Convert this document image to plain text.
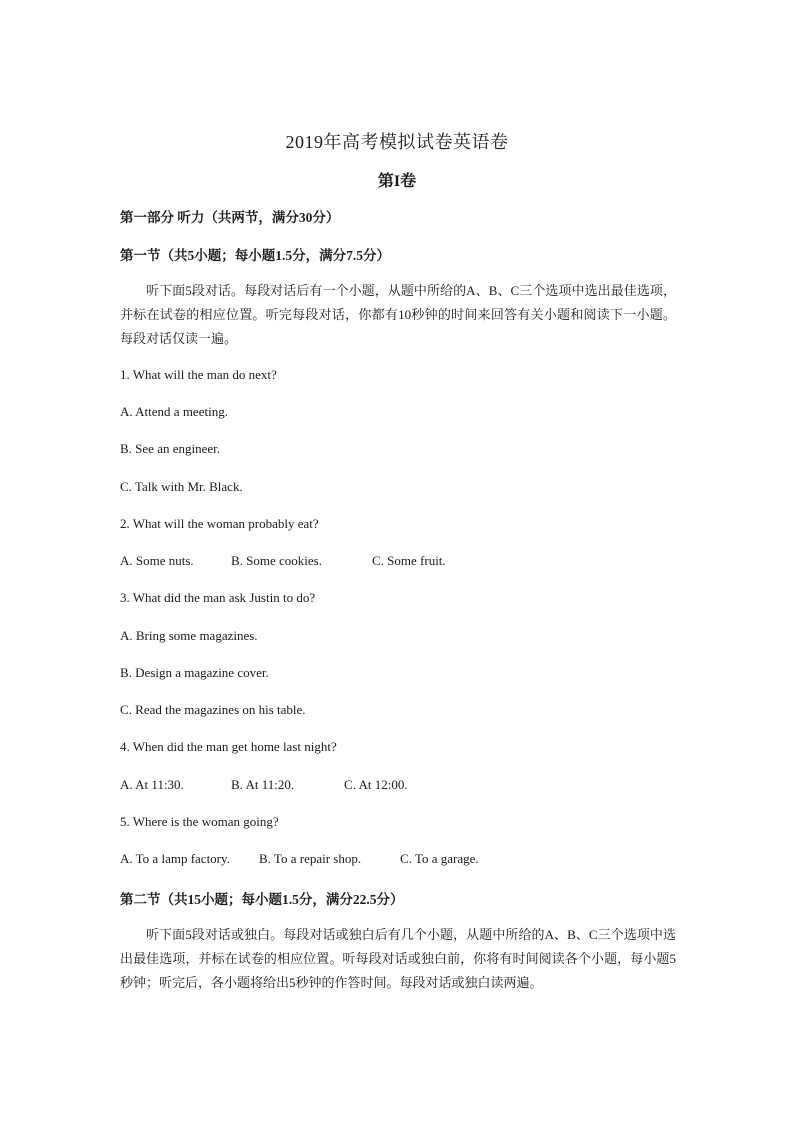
2019年高考模拟试卷英语卷
第I卷
第一部分 听力（共两节，满分30分）
第一节（共5小题；每小题1.5分，满分7.5分）
听下面5段对话。每段对话后有一个小题，从题中所给的A、B、C三个选项中选出最佳选项，并标在试卷的相应位置。听完每段对话，你都有10秒钟的时间来回答有关小题和阅读下一小题。每段对话仅读一遍。
1. What will the man do next?
A. Attend a meeting.
B. See an engineer.
C. Talk with Mr. Black.
2. What will the woman probably eat?
A. Some nuts.	B. Some cookies.	C. Some fruit.
3. What did the man ask Justin to do?
A. Bring some magazines.
B. Design a magazine cover.
C. Read the magazines on his table.
4. When did the man get home last night?
A. At 11:30.	B. At 11:20.	C. At 12:00.
5. Where is the woman going?
A. To a lamp factory. B. To a repair shop.	C. To a garage.
第二节（共15小题；每小题1.5分，满分22.5分）
听下面5段对话或独白。每段对话或独白后有几个小题，从题中所给的A、B、C三个选项中选出最佳选项，并标在试卷的相应位置。听每段对话或独白前，你将有时间阅读各个小题，每小题5秒钟；听完后，各小题将给出5秒钟的作答时间。每段对话或独白读两遍。
